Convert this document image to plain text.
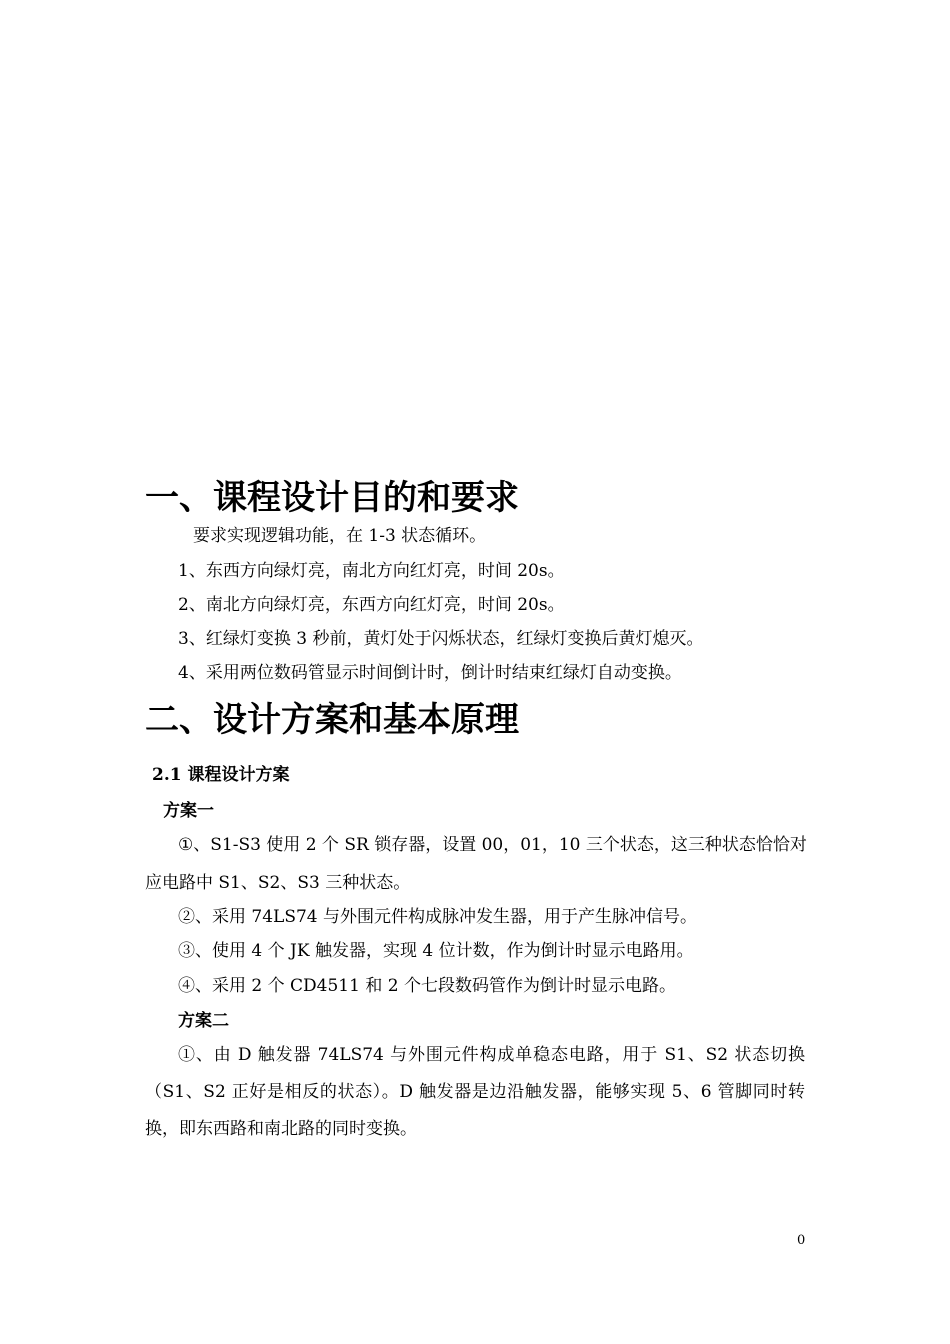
一、课程设计目的和要求
要求实现逻辑功能，在 1-3 状态循环。
1、东西方向绿灯亮，南北方向红灯亮，时间 20s。
2、南北方向绿灯亮，东西方向红灯亮，时间 20s。
3、红绿灯变换 3 秒前，黄灯处于闪烁状态，红绿灯变换后黄灯熄灭。
4、采用两位数码管显示时间倒计时，倒计时结束红绿灯自动变换。
二、设计方案和基本原理
2.1 课程设计方案
方案一
①、S1-S3 使用 2 个 SR 锁存器，设置 00，01，10 三个状态，这三种状态恰恰对
应电路中 S1、S2、S3 三种状态。
②、采用 74LS74 与外围元件构成脉冲发生器，用于产生脉冲信号。
③、使用 4 个 JK 触发器，实现 4 位计数，作为倒计时显示电路用。
④、采用 2 个 CD4511 和 2 个七段数码管作为倒计时显示电路。
方案二
①、由 D 触发器 74LS74 与外围元件构成单稳态电路，用于 S1、S2 状态切换
（S1、S2 正好是相反的状态）。D 触发器是边沿触发器，能够实现 5、6 管脚同时转
换，即东西路和南北路的同时变换。
0
